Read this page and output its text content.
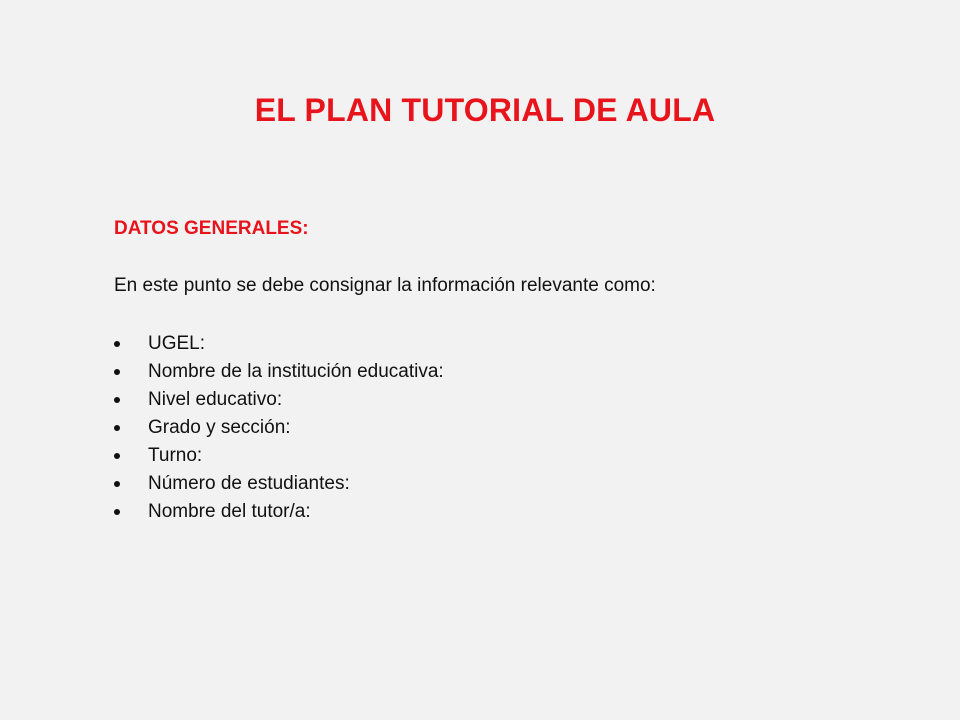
EL PLAN TUTORIAL DE AULA
DATOS GENERALES:
En este punto se debe consignar la información relevante como:
UGEL:
Nombre de la institución educativa:
Nivel educativo:
Grado y sección:
Turno:
Número de estudiantes:
Nombre del tutor/a:
